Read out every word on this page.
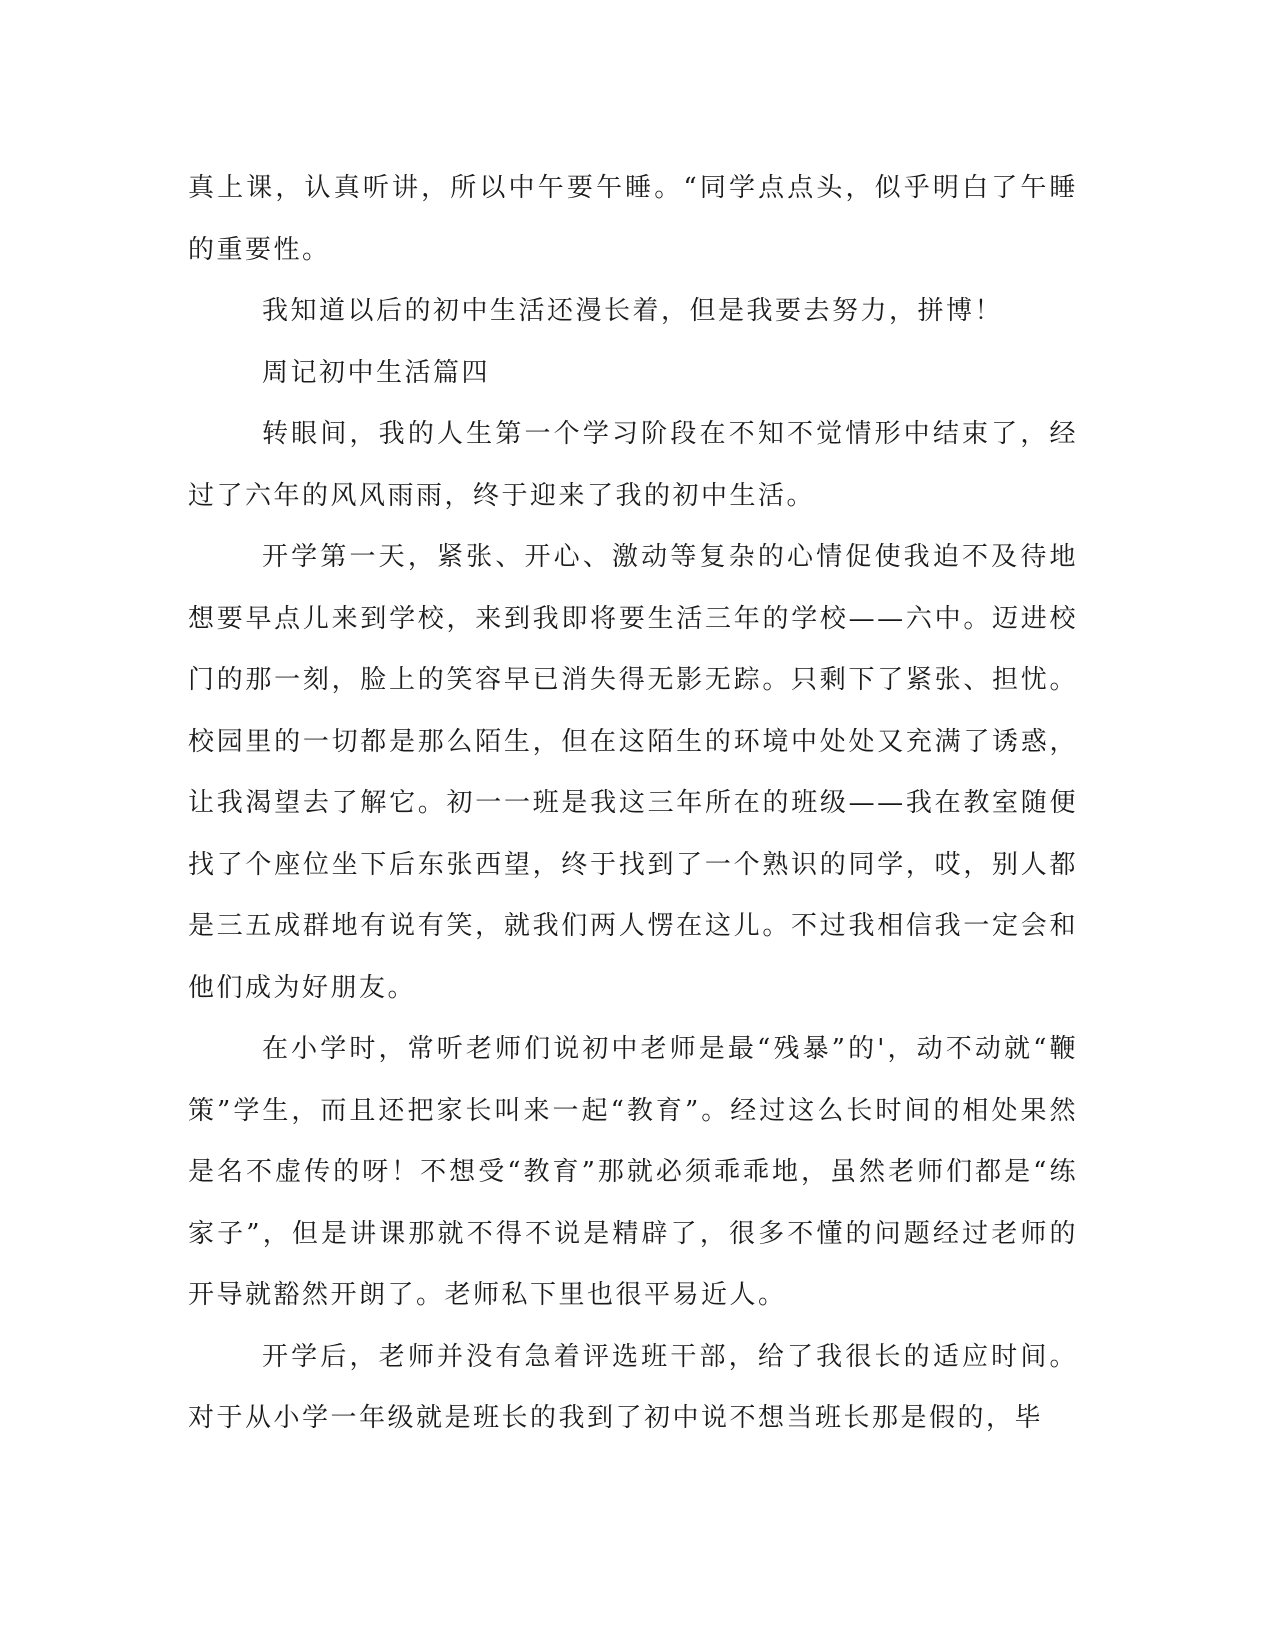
真上课，认真听讲，所以中午要午睡。“同学点点头，似乎明白了午睡的重要性。

我知道以后的初中生活还漫长着，但是我要去努力，拼博！

周记初中生活篇四

转眼间，我的人生第一个学习阶段在不知不觉情形中结束了，经过了六年的风风雨雨，终于迎来了我的初中生活。

开学第一天，紧张、开心、激动等复杂的心情促使我迫不及待地想要早点儿来到学校，来到我即将要生活三年的学校——六中。迈进校门的那一刻，脸上的笑容早已消失得无影无踪。只剩下了紧张、担忧。校园里的一切都是那么陌生，但在这陌生的环境中处处又充满了诱惑，让我渴望去了解它。初一一班是我这三年所在的班级——我在教室随便找了个座位坐下后东张西望，终于找到了一个熟识的同学，哎，别人都是三五成群地有说有笑，就我们两人愣在这儿。不过我相信我一定会和他们成为好朋友。

在小学时，常听老师们说初中老师是最“残暴”的'，动不动就“鞭策”学生，而且还把家长叫来一起“教育”。经过这么长时间的相处果然是名不虚传的呀！不想受“教育”那就必须乖乖地，虽然老师们都是“练家子”，但是讲课那就不得不说是精辟了，很多不懂的问题经过老师的开导就豁然开朗了。老师私下里也很平易近人。

开学后，老师并没有急着评选班干部，给了我很长的适应时间。对于从小学一年级就是班长的我到了初中说不想当班长那是假的，毕
